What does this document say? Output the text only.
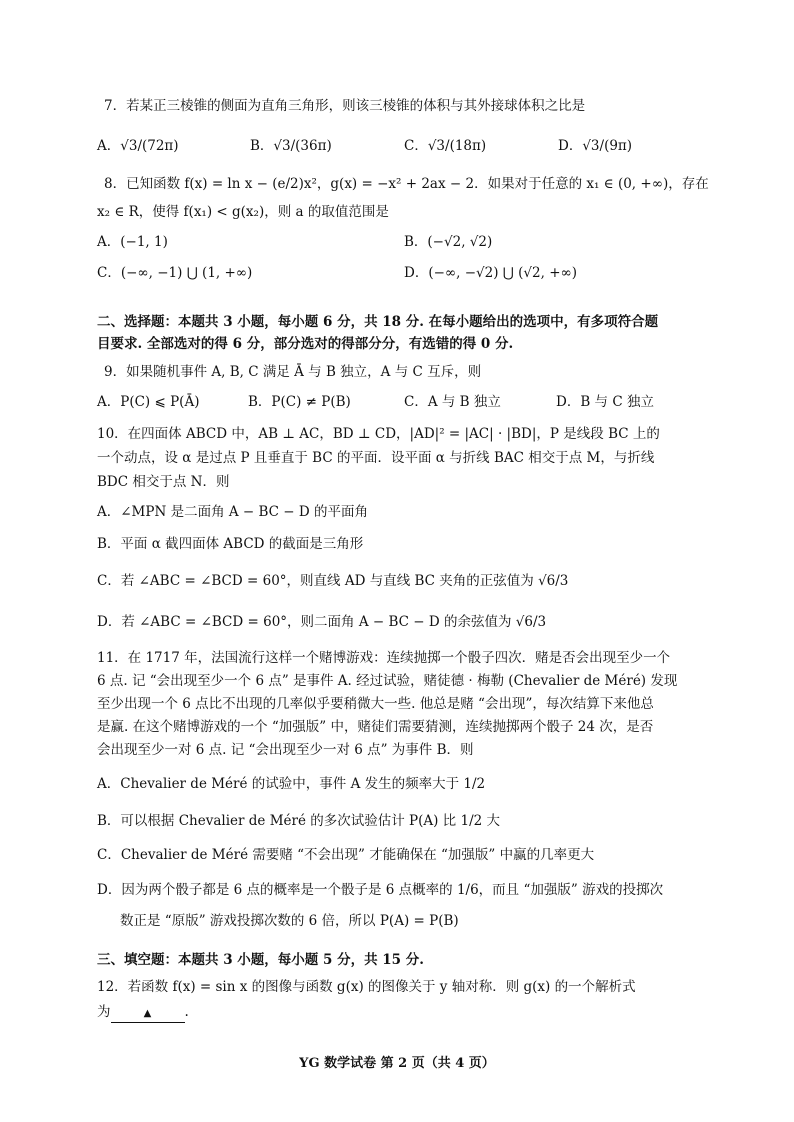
7．若某正三棱锥的侧面为直角三角形，则该三棱锥的体积与其外接球体积之比是
A．√3/(72π)	B．√3/(36π)	C．√3/(18π)	D．√3/(9π)
8．已知函数 f(x) = ln x − (e/2)x²，g(x) = −x² + 2ax − 2．如果对于任意的 x₁ ∈ (0, +∞)，存在
x₂ ∈ R，使得 f(x₁) < g(x₂)，则 a 的取值范围是
A．(−1, 1)	B．(−√2, √2)
C．(−∞, −1) ⋃ (1, +∞)	D．(−∞, −√2) ⋃ (√2, +∞)
二、选择题：本题共 3 小题，每小题 6 分，共 18 分. 在每小题给出的选项中，有多项符合题
目要求. 全部选对的得 6 分，部分选对的得部分分，有选错的得 0 分.
9．如果随机事件 A, B, C 满足 Ā 与 B 独立，A 与 C 互斥，则
A．P(C) ⩽ P(Ā)	B．P(C) ≠ P(B)	C．A 与 B 独立	D．B 与 C 独立
10．在四面体 ABCD 中，AB ⊥ AC，BD ⊥ CD，|AD|² = |AC| · |BD|，P 是线段 BC 上的
一个动点，设 α 是过点 P 且垂直于 BC 的平面．设平面 α 与折线 BAC 相交于点 M，与折线
BDC 相交于点 N．则
A．∠MPN 是二面角 A − BC − D 的平面角
B．平面 α 截四面体 ABCD 的截面是三角形
C．若 ∠ABC = ∠BCD = 60°，则直线 AD 与直线 BC 夹角的正弦值为 √6/3
D．若 ∠ABC = ∠BCD = 60°，则二面角 A − BC − D 的余弦值为 √6/3
11．在 1717 年，法国流行这样一个赌博游戏：连续抛掷一个骰子四次．赌是否会出现至少一个
6 点. 记 “会出现至少一个 6 点” 是事件 A. 经过试验，赌徒德 · 梅勒 (Chevalier de Méré) 发现
至少出现一个 6 点比不出现的几率似乎要稍微大一些. 他总是赌 “会出现”，每次结算下来他总
是赢. 在这个赌博游戏的一个 “加强版” 中，赌徒们需要猜测，连续抛掷两个骰子 24 次，是否
会出现至少一对 6 点. 记 “会出现至少一对 6 点” 为事件 B．则
A．Chevalier de Méré 的试验中，事件 A 发生的频率大于 1/2
B．可以根据 Chevalier de Méré 的多次试验估计 P(A) 比 1/2 大
C．Chevalier de Méré 需要赌 “不会出现” 才能确保在 “加强版” 中赢的几率更大
D．因为两个骰子都是 6 点的概率是一个骰子是 6 点概率的 1/6，而且 “加强版” 游戏的投掷次
数正是 “原版” 游戏投掷次数的 6 倍，所以 P(A) = P(B)
三、填空题：本题共 3 小题，每小题 5 分，共 15 分.
12．若函数 f(x) = sin x 的图像与函数 g(x) 的图像关于 y 轴对称．则 g(x) 的一个解析式
为	▲ .
YG 数学试卷 第 2 页（共 4 页）
